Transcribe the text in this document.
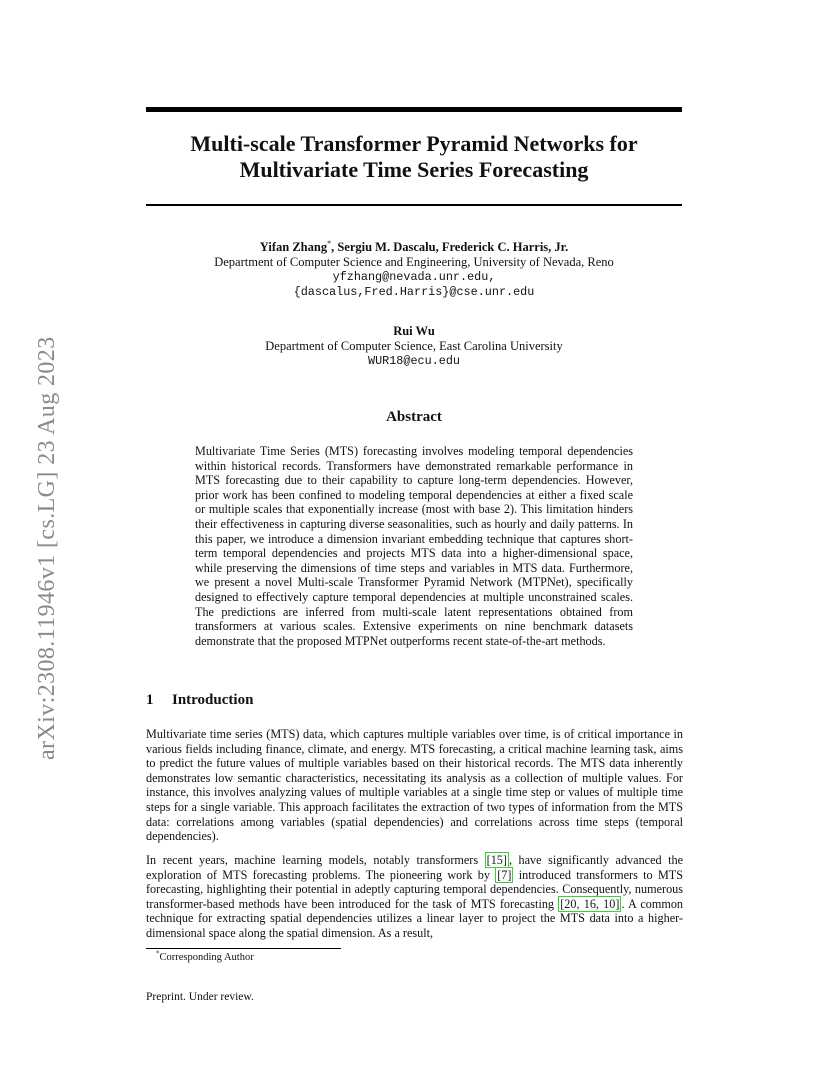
arXiv:2308.11946v1 [cs.LG] 23 Aug 2023
Multi-scale Transformer Pyramid Networks for
Multivariate Time Series Forecasting
Yifan Zhang*, Sergiu M. Dascalu, Frederick C. Harris, Jr.
Department of Computer Science and Engineering, University of Nevada, Reno
yfzhang@nevada.unr.edu,
{dascalus,Fred.Harris}@cse.unr.edu
Rui Wu
Department of Computer Science, East Carolina University
WUR18@ecu.edu
Abstract
Multivariate Time Series (MTS) forecasting involves modeling temporal dependencies within historical records. Transformers have demonstrated remarkable performance in MTS forecasting due to their capability to capture long-term dependencies. However, prior work has been confined to modeling temporal dependencies at either a fixed scale or multiple scales that exponentially increase (most with base 2). This limitation hinders their effectiveness in capturing diverse seasonalities, such as hourly and daily patterns. In this paper, we introduce a dimension invariant embedding technique that captures short-term temporal dependencies and projects MTS data into a higher-dimensional space, while preserving the dimensions of time steps and variables in MTS data. Furthermore, we present a novel Multi-scale Transformer Pyramid Network (MTPNet), specifically designed to effectively capture temporal dependencies at multiple unconstrained scales. The predictions are inferred from multi-scale latent representations obtained from transformers at various scales. Extensive experiments on nine benchmark datasets demonstrate that the proposed MTPNet outperforms recent state-of-the-art methods.
1 Introduction
Multivariate time series (MTS) data, which captures multiple variables over time, is of critical importance in various fields including finance, climate, and energy. MTS forecasting, a critical machine learning task, aims to predict the future values of multiple variables based on their historical records. The MTS data inherently demonstrates low semantic characteristics, necessitating its analysis as a collection of multiple values. For instance, this involves analyzing values of multiple variables at a single time step or values of multiple time steps for a single variable. This approach facilitates the extraction of two types of information from the MTS data: correlations among variables (spatial dependencies) and correlations across time steps (temporal dependencies).
In recent years, machine learning models, notably transformers [15] , have significantly advanced the exploration of MTS forecasting problems. The pioneering work by [7] introduced transformers to MTS forecasting, highlighting their potential in adeptly capturing temporal dependencies. Consequently, numerous transformer-based methods have been introduced for the task of MTS forecasting [20, 16, 10] . A common technique for extracting spatial dependencies utilizes a linear layer to project the MTS data into a higher-dimensional space along the spatial dimension. As a result,
*Corresponding Author
Preprint. Under review.
